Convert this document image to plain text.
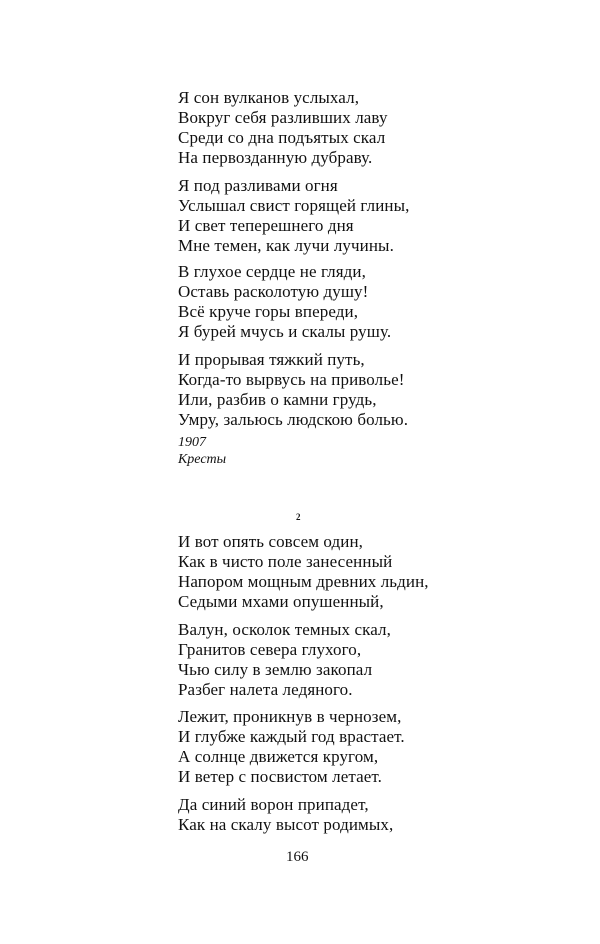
Я сон вулканов услыхал,
Вокруг себя разливших лаву
Среди со дна подъятых скал
На первозданную дубраву.
Я под разливами огня
Услышал свист горящей глины,
И свет теперешнего дня
Мне темен, как лучи лучины.
В глухое сердце не гляди,
Оставь расколотую душу!
Всё круче горы впереди,
Я бурей мчусь и скалы рушу.
И прорывая тяжкий путь,
Когда-то вырвусь на приволье!
Или, разбив о камни грудь,
Умру, зальюсь людскою болью.
1907
Кресты
2
И вот опять совсем один,
Как в чисто поле занесенный
Напором мощным древних льдин,
Седыми мхами опушенный,
Валун, осколок темных скал,
Гранитов севера глухого,
Чью силу в землю закопал
Разбег налета ледяного.
Лежит, проникнув в чернозем,
И глубже каждый год врастает.
А солнце движется кругом,
И ветер с посвистом летает.
Да синий ворон припадет,
Как на скалу высот родимых,
166
